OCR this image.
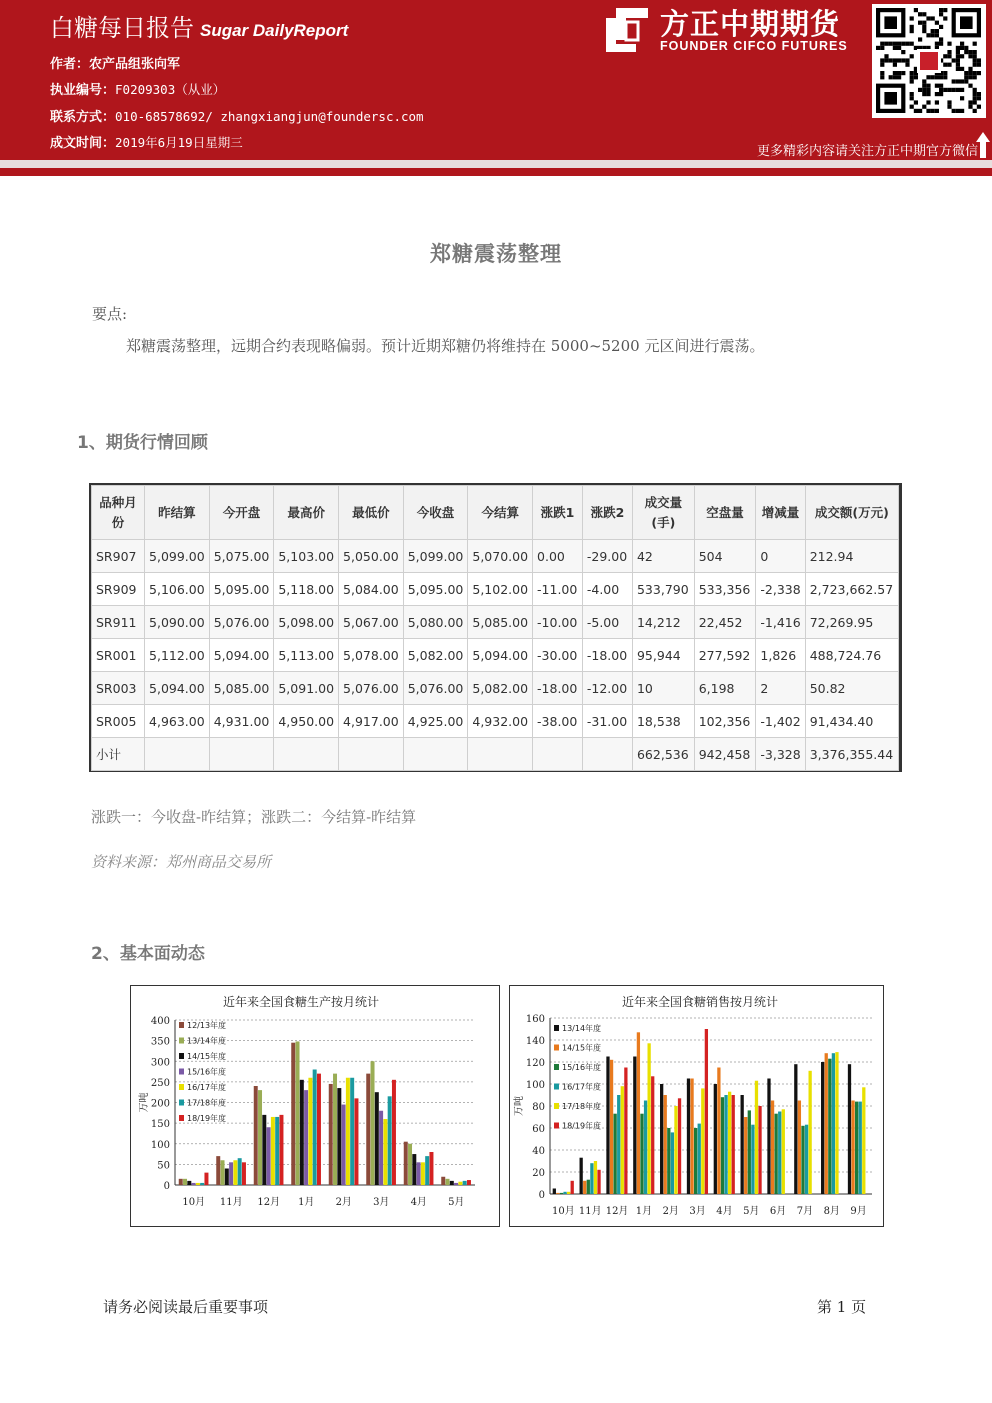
白糖每日报告 Sugar DailyReport
作者：农产品组张向军
执业编号：F0209303（从业）
联系方式：010-68578692/ zhangxiangjun@foundersc.com
成文时间：2019年6月19日星期三
方正中期期货
FOUNDER CIFCO FUTURES
更多精彩内容请关注方正中期官方微信
郑糖震荡整理
要点:
郑糖震荡整理，远期合约表现略偏弱。预计近期郑糖仍将维持在 5000~5200 元区间进行震荡。
1、期货行情回顾
品种月份	昨结算	今开盘	最高价	最低价	今收盘	今结算	涨跌1	涨跌2	成交量(手)	空盘量	增减量	成交额(万元)
SR907	5,099.00	5,075.00	5,103.00	5,050.00	5,099.00	5,070.00	0.00	-29.00	42	504	0	212.94
SR909	5,106.00	5,095.00	5,118.00	5,084.00	5,095.00	5,102.00	-11.00	-4.00	533,790	533,356	-2,338	2,723,662.57
SR911	5,090.00	5,076.00	5,098.00	5,067.00	5,080.00	5,085.00	-10.00	-5.00	14,212	22,452	-1,416	72,269.95
SR001	5,112.00	5,094.00	5,113.00	5,078.00	5,082.00	5,094.00	-30.00	-18.00	95,944	277,592	1,826	488,724.76
SR003	5,094.00	5,085.00	5,091.00	5,076.00	5,076.00	5,082.00	-18.00	-12.00	10	6,198	2	50.82
SR005	4,963.00	4,931.00	4,950.00	4,917.00	4,925.00	4,932.00	-38.00	-31.00	18,538	102,356	-1,402	91,434.40
小计									662,536	942,458	-3,328	3,376,355.44
涨跌一：今收盘-昨结算；涨跌二：今结算-昨结算
资料来源：郑州商品交易所
2、基本面动态
近年来全国食糖生产按月统计
万吨
0
50
100
150
200
250
300
350
400
10月 11月 12月 1月 2月 3月 4月 5月
12/13年度
13/14年度
14/15年度
15/16年度
16/17年度
17/18年度
18/19年度
近年来全国食糖销售按月统计
万吨
0
20
40
60
80
100
120
140
160
10月 11月 12月 1月 2月 3月 4月 5月 6月 7月 8月 9月
13/14年度
14/15年度
15/16年度
16/17年度
17/18年度
18/19年度
请务必阅读最后重要事项	第 1 页
